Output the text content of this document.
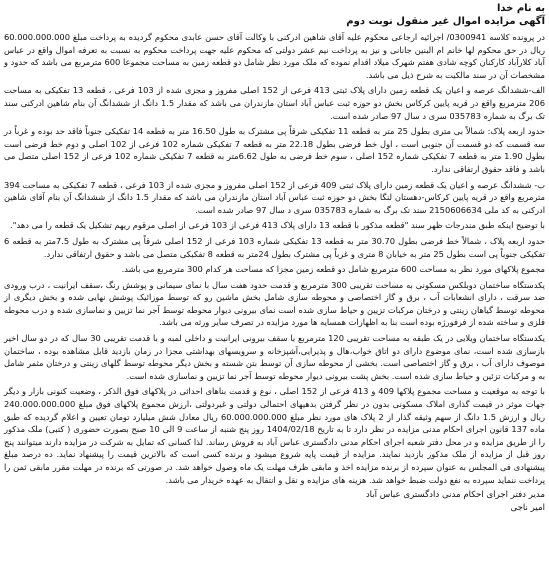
به نام خدا
آگهی مزایده اموال غیر منقول نوبت دوم

در پرونده کلاسه 0300941/ اجرائیه ارجاعی محکوم علیه آقای شاهین ادرکنی با وکالت آقای حسن عابدی محکوم گردیده به پرداخت مبلغ 60.000.000.000 ریال در حق محکوم لها خانم ام البنین جانانی و نیز به پرداخت نیم عشر دولتی که محکوم علیه جهت پرداخت محکوم به نسبت به تعرفه اموال واقع در عباس آباد کلارآباد کارکنان کوچه شادی هفتم شهرک میلاد اقدام نموده که ملک مورد نظر شامل دو قطعه زمین به مساحت مجموعا 600 مترمربع می باشد که حدود و مشخصات آن در سند مالکیت به شرح ذیل می باشد.

الف-ششدانگ عرصه و اعیان یک قطعه زمین دارای پلاک ثبتی 413 فرعی از 152 اصلی مفروز و مجزی شده از 103 فرعی ، قطعه 13 تفکیکی به مساحت 206 مترمربع واقع در قریه پایین کرکاس بخش دو حوزه ثبت عباس آباد استان مازندران می باشد که مقدار 1.5 دانگ از ششدانگ آن بنام شاهین ادرکنی سند تک برگ به شماره 035783 سری د سال 97 صادر شده است.

حدود اربعه پلاک: شمالاً بی متری بطول 25 متر به قطعه 11 تفکیکی شرقاً پی مشترک به طول 16.50 متر به قطعه 14 تفکیکی جنوباً فاقد حد بوده و غرباً در سه قسمت که دو قسمت آن جنوبی است ، اول خط فرضی بطول 22.18 متر به قطعه 7 تفکیکی شماره 102 فرعی از 102 اصلی و دوم خط فرضی است بطول 1.90 متر به قطعه 7 تفکیکی شماره 152 اصلی ، سوم خط فرضی به طول 6.62متر به قطعه 7 تفکیکی شماره 102 فرعی از 152 اصلی متصل می باشد و فاقد حقوق ارتفاقی ندارد.

ب- ششدانگ عرصه و اعیان یک قطعه زمین دارای پلاک ثبتی 409 فرعی از 152 اصلی مفروز و مجزی شده از 103 فرعی ، قطعه 7 تفکیکی به مساحت 394 مترمربع واقع در قریه پایین کرکاس-دهستان لنگا بخش دو حوزه ثبت عباس آباد استان مازندران می باشد که مقدار 1.5 دانگ از ششدانگ آن بنام آقای شاهین ادرکنی به کد ملی 2150606634 سند تک برگ به شماره 035783 سری د سال 97 صادر شده است.

با توضیح اینکه طبق مندرجات ظهر سند "قطعه مذکور با قطعه 13 دارای پلاک 413 فرعی از 103 فرعی از اصلی مرقوم ریهم تشکیل یک قطعه را می دهد".

حدود اربعه پلاک ، شمالاً خط فرضی بطول 30.70 متر به قطعه 13 تفکیکی شماره 103 فرعی از 152 اصلی شرقاً پی مشترک به طول 7.5متر به قطعه 6 تفکیکی جنوباً پی است بطول 25 متر به خیابان 8 متری و غرباً پی مشترک بطول 24متر به قطعه 8 تفکیکی متصل می باشد و حقوق ارتفاقی ندارد.

مجموع پلاکهای مورد نظر به مساحت 600 مترمربع شامل دو قطعه زمین مجزا که مساحت هر کدام 300 مترمربع می باشد.

یکدستگاه ساختمان دوبلکس مسکونی به مساحت تقریبی 300 مترمربع و قدمت حدود هفت سال با نمای سیمانی و پوشش رنگ ،سقف ایرانیت ، درب ورودی ضد سرقت ، دارای انشعابات آب ، برق و گاز اختصاصی و محوطه سازی شامل بخش ماشین رو که توسط موزائیک پوشش نهایی شده و بخش دیگری از محوطه توسط گیاهان زینتی و درختان مرکبات تزیین و حیاط سازی شده است نمای بیرونی دیوار محوطه توسط آجر نما تزیین و نماسازی شده و درب محوطه فلزی و ساخته شده از فرفورژه بوده است بنا به اظهارات همسایه ها مورد مزایده در تصرف سایر ورثه می باشد.

یکدستگاه ساختمان ویلایی در یک طبقه به مساحت تقریبی 120 مترمربع با سقف بیرونی ایرانیت و داخلی لمبه و با قدمت تقریبی 30 سال که در دو سال اخیر بازسازی شده است، نمای موضوع دارای دو اتاق خواب،هال و پذیرایی،آشپزخانه و سرویسهای بهداشتی مجزا در زمان بازدید قابل مشاهده بوده ، ساختمان موصوف دارای آب ، برق و گاز اختصاصی است. بخشی از محوطه سازی آن توسط بتن شسته و بخش دیگر محوطه توسط گلهای زینتی و درختان مثمر شامل به و مرکبات تزئین و حیاط سازی شده است. بخش پشت بیرونی دیوار محوطه توسط آجر نما تزیین و نماسازی شده است.

با توجه به موقعیت و مساحت مجموع پلاکها 409 و 413 فرعی از 152 اصلی ، نوع و قدمت بناهای احداثی در پلاکهای فوق الذکر ، وضعیت کنونی بازار و دیگر جهات موثر در قیمت گذاری املاک مسکونی بدون در نظر گرفتن بدهیهای احتمالی دولتی و غیردولتی ،ارزش مجموع پلاکهای فوق مبلغ 240.000.000.000 ریال و ارزش 1.5 دانگ از سهم وثیقه گذار از 2 پلاک های مورد نظر مبلغ 60.000.000.000 ریال معادل شش میلیارد تومان تعیین و اعلام گردیده که طبق ماده 137 قانون اجرای احکام مدنی مزایده در نظر دارد تا به تاریخ 1404/02/18 روز پنج شنبه از ساعت 9 الی 10 صبح بصورت حضوری ( کتبی) ملک مذکور را از طریق مزایده و در محل دفتر شعبه اجرای احکام مدنی دادگستری عباس آباد به فروش رساند. لذا کسانی که تمایل به شرکت در مزایده دارند میتوانند پنج روز قبل از مزایده از ملک مذکور بازدید نمایند. مزایده از قیمت پایه شروع میشود و برنده کسی است که بالاترین قیمت را پیشنهاد نماید. ده درصد مبلغ پیشنهادی فی المجلس به عنوان سپرده از برنده مزایده اخذ و مابقی ظرف مهلت یک ماه وصول خواهد شد. در صورتی که برنده در مهلت مقرر مابقی ثمن را پرداخت ننماید سپرده به نفع دولت ضبط خواهد شد. هزینه های مزایده و نقل و انتقال به عهده خریدار می باشد.

مدیر دفتر اجرای احکام مدنی دادگستری عباس آباد

امیر ناجی
